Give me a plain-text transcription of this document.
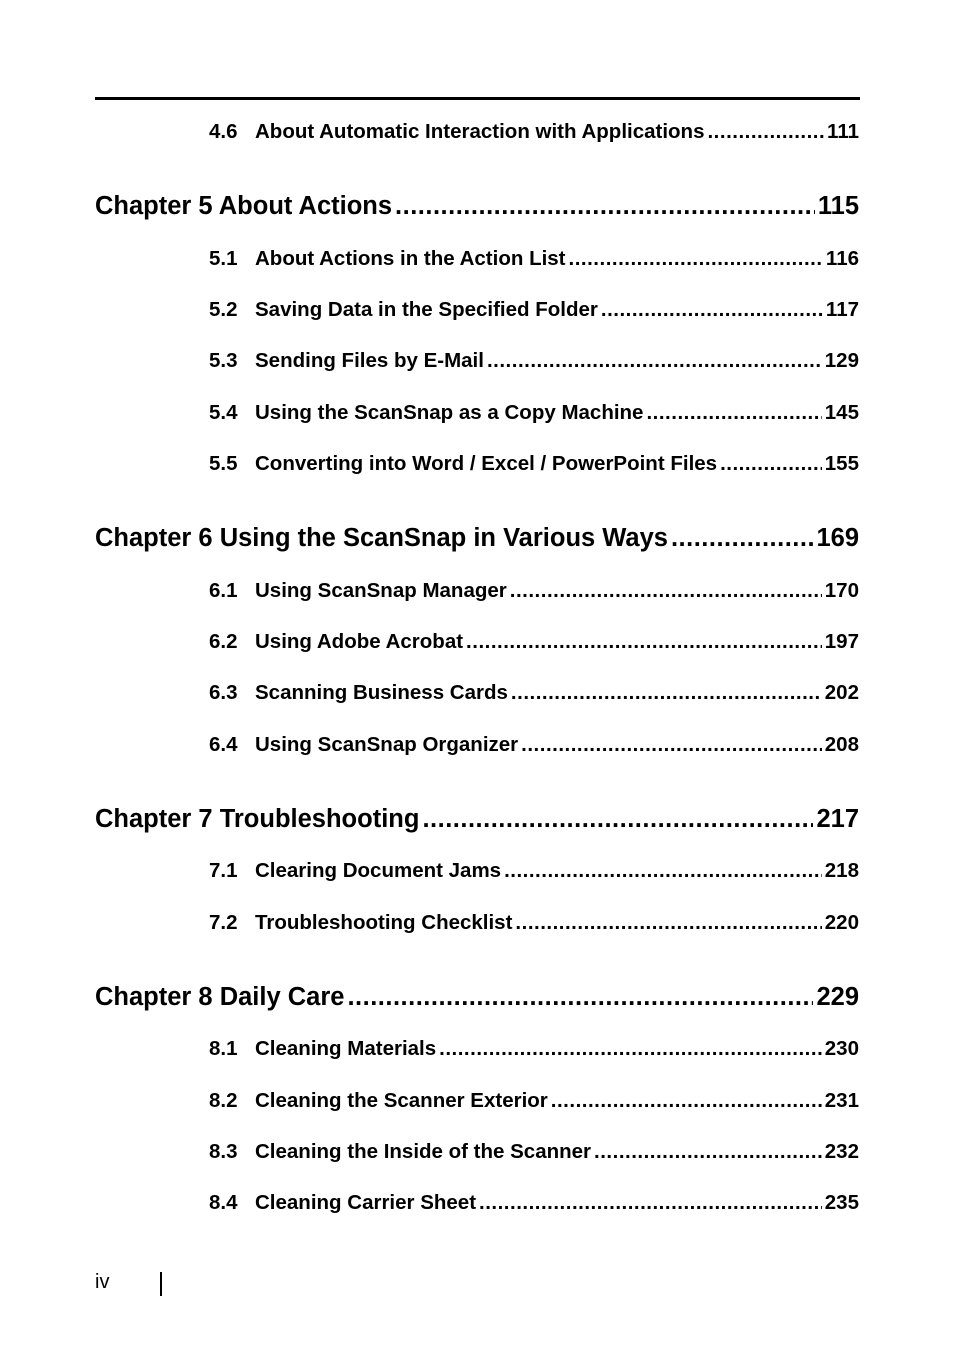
4.6 About Automatic Interaction with Applications .....	111
Chapter 5 About Actions .....	115
5.1 About Actions in the Action List .....	116
5.2 Saving Data in the Specified Folder .....	117
5.3 Sending Files by E-Mail .....	129
5.4 Using the ScanSnap as a Copy Machine .....	145
5.5 Converting into Word / Excel / PowerPoint Files .....	155
Chapter 6 Using the ScanSnap in Various Ways .....	169
6.1 Using ScanSnap Manager .....	170
6.2 Using Adobe Acrobat .....	197
6.3 Scanning Business Cards .....	202
6.4 Using ScanSnap Organizer .....	208
Chapter 7 Troubleshooting .....	217
7.1 Clearing Document Jams .....	218
7.2 Troubleshooting Checklist .....	220
Chapter 8 Daily Care .....	229
8.1 Cleaning Materials .....	230
8.2 Cleaning the Scanner Exterior .....	231
8.3 Cleaning the Inside of the Scanner .....	232
8.4 Cleaning Carrier Sheet .....	235
iv
